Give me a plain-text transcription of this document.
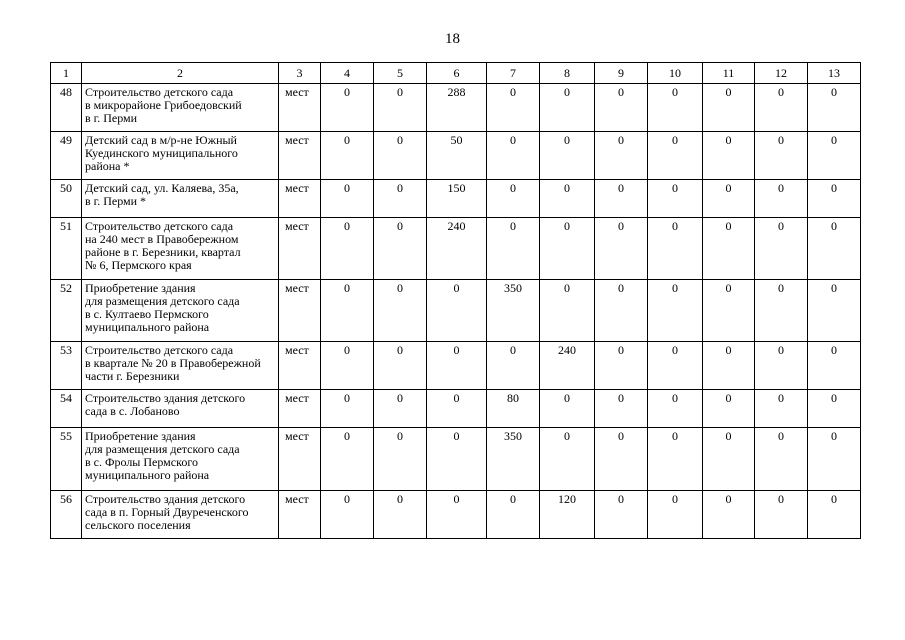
18
1	2	3	4	5	6	7	8	9	10	11	12	13
48	Строительство детского сада
в микрорайоне Грибоедовский
в г. Перми	мест	0	0	288	0	0	0	0	0	0	0
49	Детский сад в м/р-не Южный
Куединского муниципального
района *	мест	0	0	50	0	0	0	0	0	0	0
50	Детский сад, ул. Каляева, 35а,
в г. Перми *	мест	0	0	150	0	0	0	0	0	0	0
51	Строительство детского сада
на 240 мест в Правобережном
районе в г. Березники, квартал
№ 6, Пермского края	мест	0	0	240	0	0	0	0	0	0	0
52	Приобретение здания
для размещения детского сада
в с. Култаево Пермского
муниципального района	мест	0	0	0	350	0	0	0	0	0	0
53	Строительство детского сада
в квартале № 20 в Правобережной
части г. Березники	мест	0	0	0	0	240	0	0	0	0	0
54	Строительство здания детского
сада в с. Лобаново	мест	0	0	0	80	0	0	0	0	0	0
55	Приобретение здания
для размещения детского сада
в с. Фролы Пермского
муниципального района	мест	0	0	0	350	0	0	0	0	0	0
56	Строительство здания детского
сада в п. Горный Двуреченского
сельского поселения	мест	0	0	0	0	120	0	0	0	0	0
